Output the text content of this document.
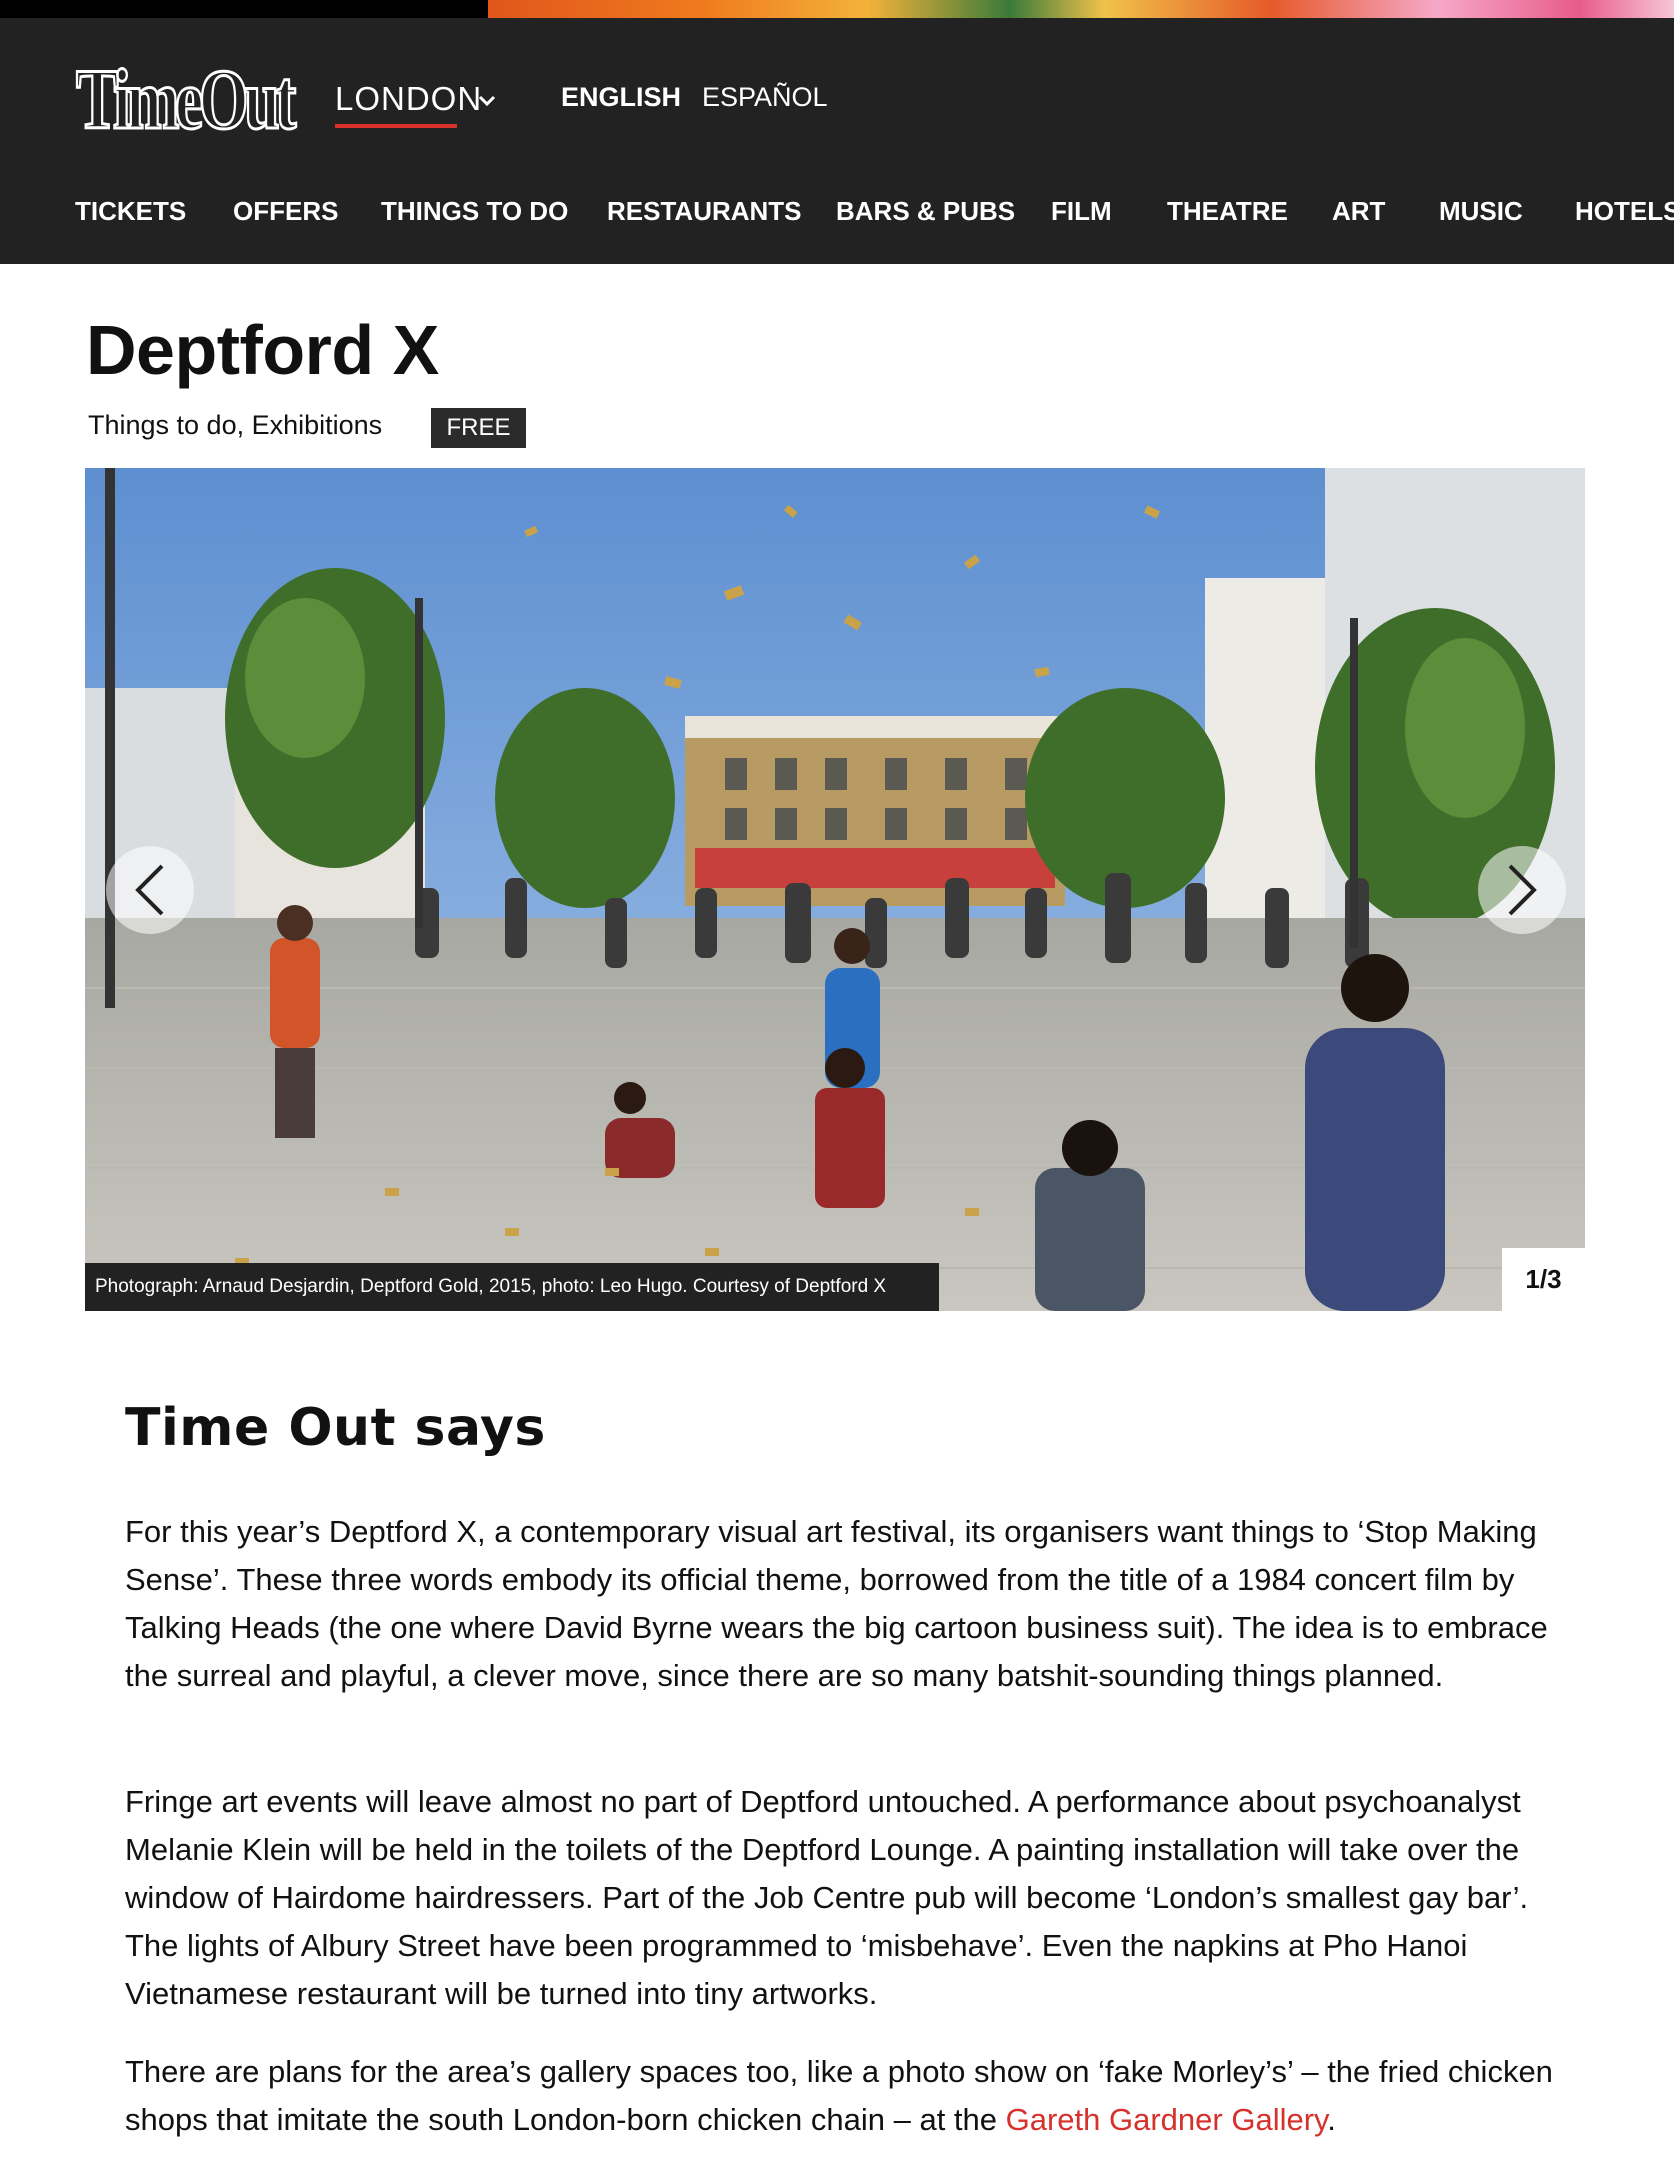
TimeOut LONDON	ENGLISH ESPAÑOL
TICKETS OFFERS THINGS TO DO RESTAURANTS BARS & PUBS FILM THEATRE ART MUSIC HOTELS
Deptford X
Things to do, Exhibitions	FREE
Photograph: Arnaud Desjardin, Deptford Gold, 2015, photo: Leo Hugo. Courtesy of Deptford X	1/3
Time Out says

For this year’s Deptford X, a contemporary visual art festival, its organisers want things to ‘Stop Making Sense’. These three words embody its official theme, borrowed from the title of a 1984 concert film by Talking Heads (the one where David Byrne wears the big cartoon business suit). The idea is to embrace the surreal and playful, a clever move, since there are so many batshit-sounding things planned.

Fringe art events will leave almost no part of Deptford untouched. A performance about psychoanalyst Melanie Klein will be held in the toilets of the Deptford Lounge. A painting installation will take over the window of Hairdome hairdressers. Part of the Job Centre pub will become ‘London’s smallest gay bar’. The lights of Albury Street have been programmed to ‘misbehave’. Even the napkins at Pho Hanoi Vietnamese restaurant will be turned into tiny artworks.

There are plans for the area’s gallery spaces too, like a photo show on ‘fake Morley’s’ – the fried chicken shops that imitate the south London-born chicken chain – at the Gareth Gardner Gallery.
